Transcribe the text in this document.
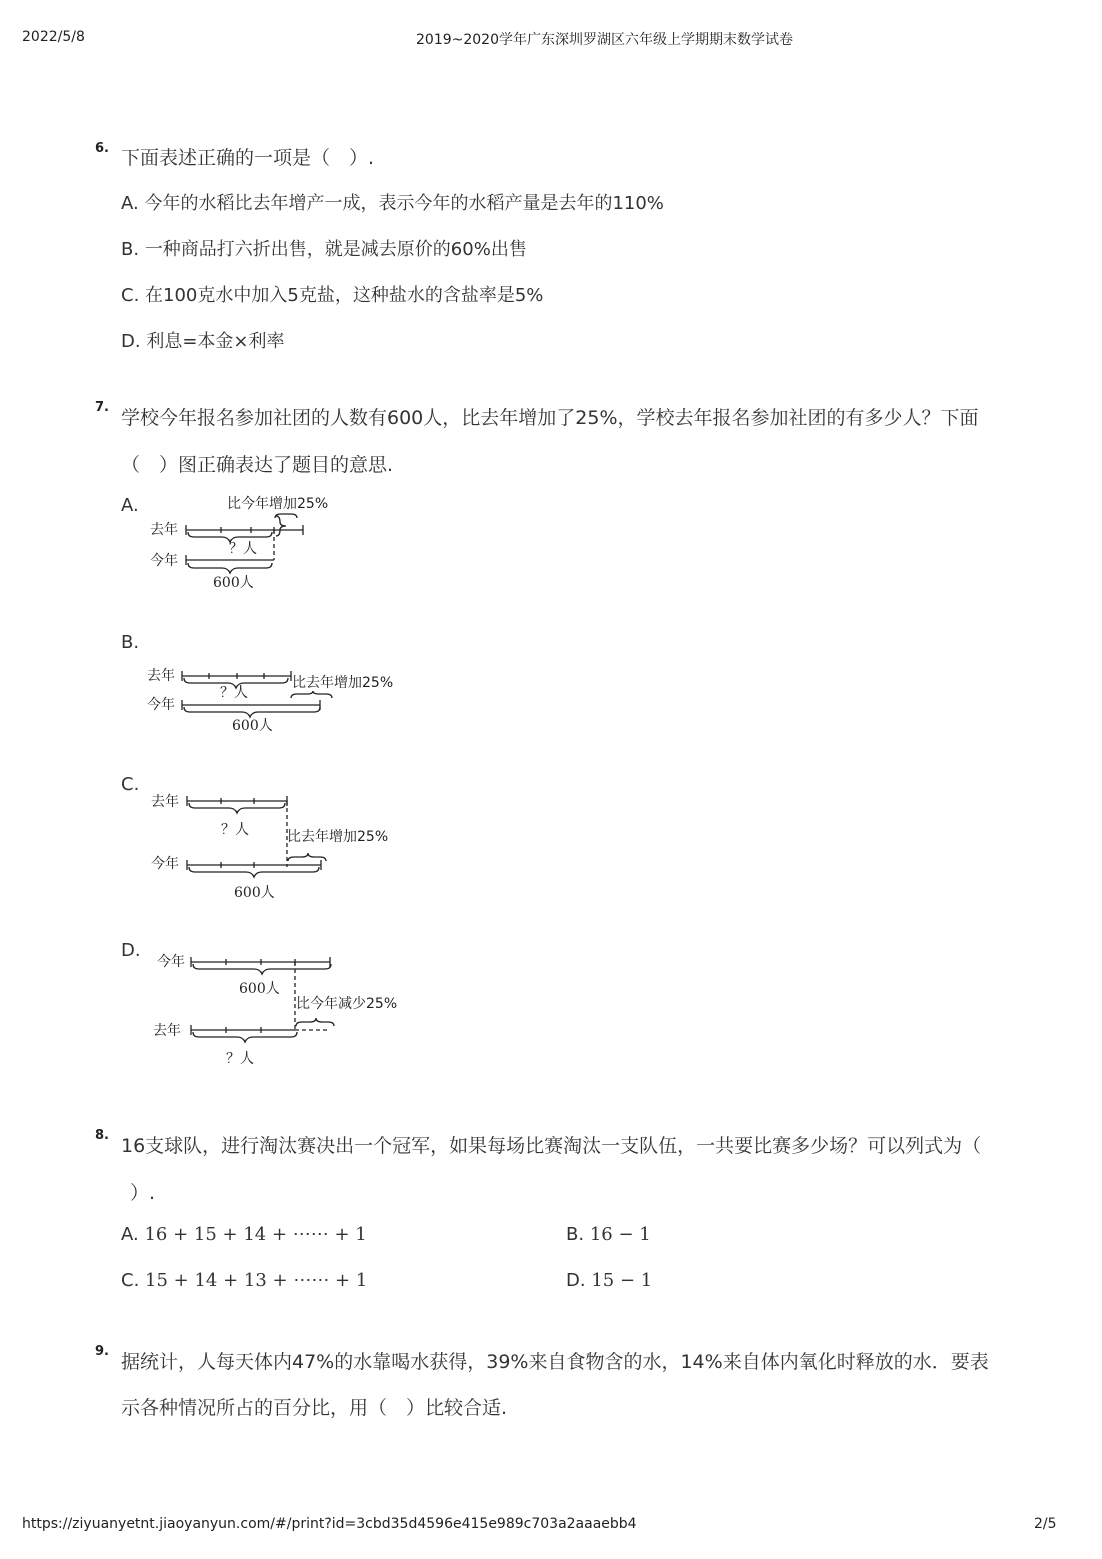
2022/5/8	2019~2020学年广东深圳罗湖区六年级上学期期末数学试卷
https://ziyuanyetnt.jiaoyanyun.com/#/print?id=3cbd35d4596e415e989c703a2aaaebb4	2/5
6. 下面表述正确的一项是（　）.
A. 今年的水稻比去年增产一成，表示今年的水稻产量是去年的110%
B. 一种商品打六折出售，就是减去原价的60%出售
C. 在100克水中加入5克盐，这种盐水的含盐率是5%
D. 利息=本金×利率
7. 学校今年报名参加社团的人数有600人，比去年增加了25%，学校去年报名参加社团的有多少人？下面
（　）图正确表达了题目的意思.
A.	比今年增加25%
去年
？人
今年
600人
B.
去年
？人
比去年增加25%
今年
600人
C.
去年
？人	比去年增加25%
今年
600人
D.
今年
600人
比今年减少25%
去年
？人
8. 16支球队，进行淘汰赛决出一个冠军，如果每场比赛淘汰一支队伍，一共要比赛多少场？可以列式为（
）.
A. 16 + 15 + 14 + ⋯⋯ + 1	B. 16 − 1
C. 15 + 14 + 13 + ⋯⋯ + 1	D. 15 − 1
9. 据统计，人每天体内47%的水靠喝水获得，39%来自食物含的水，14%来自体内氧化时释放的水．要表
示各种情况所占的百分比，用（　）比较合适.
